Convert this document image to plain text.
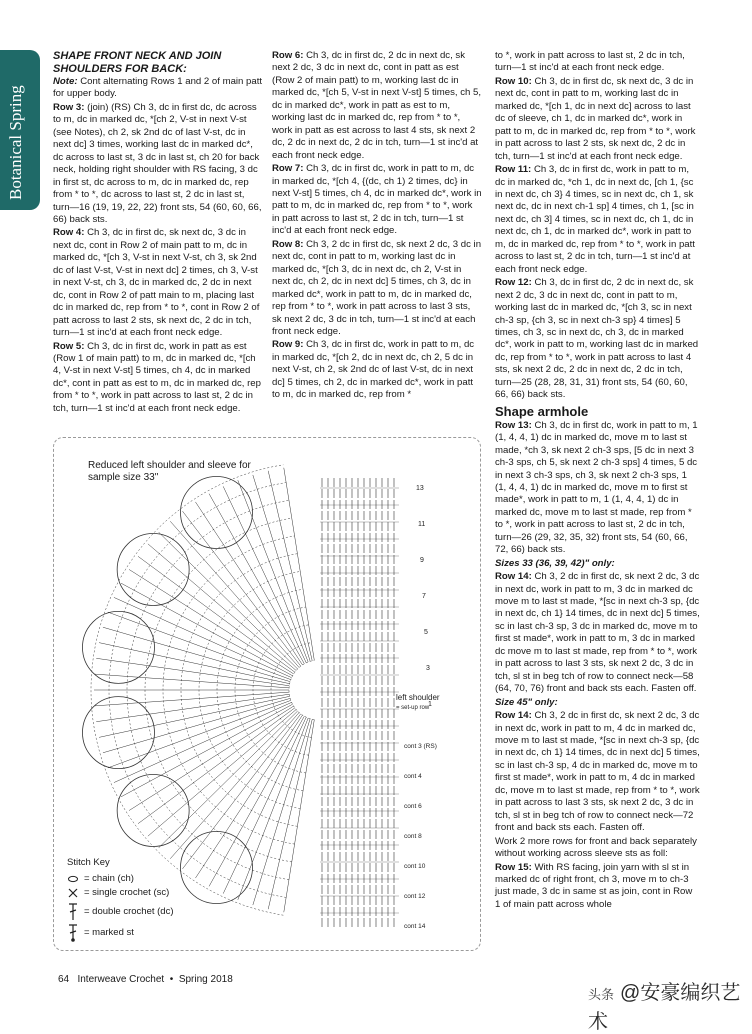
Botanical Spring
SHAPE FRONT NECK AND JOIN SHOULDERS FOR BACK:

Note: Cont alternating Rows 1 and 2 of main patt for upper body.

Row 3: (join) (RS) Ch 3, dc in first dc, dc across to m, dc in marked dc, *[ch 2, V-st in next V-st (see Notes), ch 2, sk 2nd dc of last V-st, dc in next dc] 3 times, working last dc in marked dc*, dc across to last st, 3 dc in last st, ch 20 for back neck, holding right shoulder with RS facing, 3 dc in first st, dc across to m, dc in marked dc, rep from * to *, dc across to last st, 2 dc in last st, turn—16 (19, 19, 22, 22) front sts, 54 (60, 60, 66, 66) back sts.

Row 4: Ch 3, dc in first dc, sk next dc, 3 dc in next dc, cont in Row 2 of main patt to m, dc in marked dc, *[ch 3, V-st in next V-st, ch 3, sk 2nd dc of last V-st, V-st in next dc] 2 times, ch 3, V-st in next V-st, ch 3, dc in marked dc, 2 dc in next dc, cont in Row 2 of patt main to m, placing last dc in marked dc, rep from * to *, cont in Row 2 of patt across to last 2 sts, sk next dc, 2 dc in tch, turn—1 st inc'd at each front neck edge.

Row 5: Ch 3, dc in first dc, work in patt as est (Row 1 of main patt) to m, dc in marked dc, *[ch 4, V-st in next V-st] 5 times, ch 4, dc in marked dc*, cont in patt as est to m, dc in marked dc, rep from * to *, work in patt across to last st, 2 dc in tch, turn—1 st inc'd at each front neck edge.

Row 6: Ch 3, dc in first dc, 2 dc in next dc, sk next 2 dc, 3 dc in next dc, cont in patt as est (Row 2 of main patt) to m, working last dc in marked dc, *[ch 5, V-st in next V-st] 5 times, ch 5, dc in marked dc*, work in patt as est to m, working last dc in marked dc, rep from * to *, work in patt as est across to last 4 sts, sk next 2 dc, 2 dc in next dc, 2 dc in tch, turn—1 st inc'd at each front neck edge.

Row 7: Ch 3, dc in first dc, work in patt to m, dc in marked dc, *[ch 4, {(dc, ch 1) 2 times, dc} in next V-st] 5 times, ch 4, dc in marked dc*, work in patt to m, dc in marked dc, rep from * to *, work in patt across to last st, 2 dc in tch, turn—1 st inc'd at each front neck edge.

Row 8: Ch 3, 2 dc in first dc, sk next 2 dc, 3 dc in next dc, cont in patt to m, working last dc in marked dc, *[ch 3, dc in next dc, ch 2, V-st in next dc, ch 2, dc in next dc] 5 times, ch 3, dc in marked dc*, work in patt to m, dc in marked dc, rep from * to *, work in patt across to last 3 sts, sk next 2 dc, 3 dc in tch, turn—1 st inc'd at each front neck edge.

Row 9: Ch 3, dc in first dc, work in patt to m, dc in marked dc, *[ch 2, dc in next dc, ch 2, 5 dc in next V-st, ch 2, sk 2nd dc of last V-st, dc in next dc] 5 times, ch 2, dc in marked dc*, work in patt to m, dc in marked dc, rep from *

to *, work in patt across to last st, 2 dc in tch, turn—1 st inc'd at each front neck edge.

Row 10: Ch 3, dc in first dc, sk next dc, 3 dc in next dc, cont in patt to m, working last dc in marked dc, *[ch 1, dc in next dc] across to last dc of sleeve, ch 1, dc in marked dc*, work in patt to m, dc in marked dc, rep from * to *, work in patt across to last 2 sts, sk next dc, 2 dc in tch, turn—1 st inc'd at each front neck edge.

Row 11: Ch 3, dc in first dc, work in patt to m, dc in marked dc, *ch 1, dc in next dc, [ch 1, {sc in next dc, ch 3} 4 times, sc in next dc, ch 1, sk next dc, dc in next ch-1 sp] 4 times, ch 1, [sc in next dc, ch 3] 4 times, sc in next dc, ch 1, dc in next dc, ch 1, dc in marked dc*, work in patt to m, dc in marked dc, rep from * to *, work in patt across to last st, 2 dc in tch, turn—1 st inc'd at each front neck edge.

Row 12: Ch 3, dc in first dc, 2 dc in next dc, sk next 2 dc, 3 dc in next dc, cont in patt to m, working last dc in marked dc, *[ch 3, sc in next ch-3 sp, {ch 3, sc in next ch-3 sp} 4 times] 5 times, ch 3, sc in next dc, ch 3, dc in marked dc*, work in patt to m, working last dc in marked dc, rep from * to *, work in patt across to last 4 sts, sk next 2 dc, 2 dc in next dc, 2 dc in tch, turn—25 (28, 28, 31, 31) front sts, 54 (60, 60, 66, 66) back sts.

Shape armhole

Row 13: Ch 3, dc in first dc, work in patt to m, 1 (1, 4, 4, 1) dc in marked dc, move m to last st made, *ch 3, sk next 2 ch-3 sps, [5 dc in next 3 ch-3 sps, ch 5, sk next 2 ch-3 sps] 4 times, 5 dc in next 3 ch-3 sps, ch 3, sk next 2 ch-3 sps, 1 (1, 4, 4, 1) dc in marked dc, move m to first st made*, work in patt to m, 1 (1, 4, 4, 1) dc in marked dc, move m to last st made, rep from * to *, work in patt across to last st, 2 dc in tch, turn—26 (29, 32, 35, 32) front sts, 54 (60, 66, 72, 66) back sts.

Sizes 33 (36, 39, 42)" only:

Row 14: Ch 3, 2 dc in first dc, sk next 2 dc, 3 dc in next dc, work in patt to m, 3 dc in marked dc move m to last st made, *[sc in next ch-3 sp, {dc in next dc, ch 1} 14 times, dc in next dc] 5 times, sc in last ch-3 sp, 3 dc in marked dc, move m to first st made*, work in patt to m, 3 dc in marked dc move m to last st made, rep from * to *, work in patt across to last 3 sts, sk next 2 dc, 3 dc in tch, sl st in beg tch of row to connect neck—58 (64, 70, 76) front and back sts each. Fasten off.

Size 45" only:

Row 14: Ch 3, 2 dc in first dc, sk next 2 dc, 3 dc in next dc, work in patt to m, 4 dc in marked dc, move m to last st made, *[sc in next ch-3 sp, {dc in next dc, ch 1} 14 times, dc in next dc] 5 times, sc in last ch-3 sp, 4 dc in marked dc, move m to first st made*, work in patt to m, 4 dc in marked dc, move m to last st made, rep from * to *, work in patt across to last 3 sts, sk next 2 dc, 3 dc in tch, sl st in beg tch of row to connect neck—72 front and back sts each. Fasten off.

Work 2 more rows for front and back separately without working across sleeve sts as foll:

Row 15: With RS facing, join yarn with sl st in marked dc of right front, ch 3, move m to ch-3 just made, 3 dc in same st as join, cont in Row 1 of main patt across whole

Reduced left shoulder and sleeve for sample size 33"
13
11
9
7
5
3
1
left shoulder
= set-up row
cont 3 (RS)
cont 4
cont 6
cont 8
cont 10
cont 12
cont 14
Stitch Key
= chain (ch)
= single crochet (sc)
= double crochet (dc)
= marked st
64 Interweave Crochet • Spring 2018
头条 @安豪编织艺术
